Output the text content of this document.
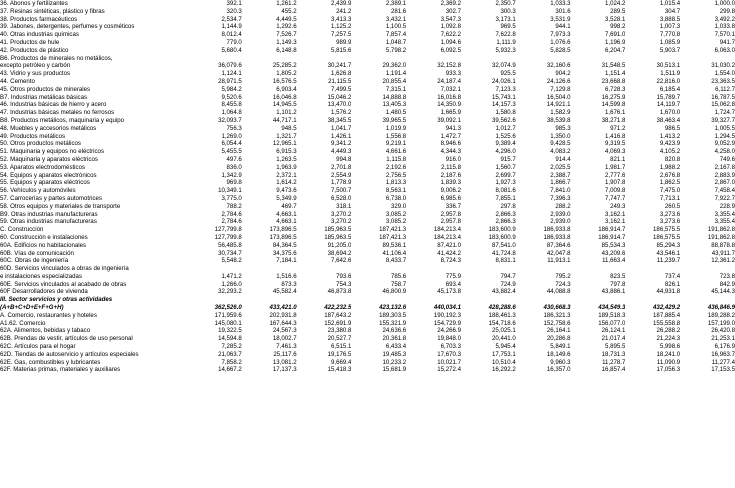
36. Abonos y fertilizantes	392.1	1,261.2	2,439.9	2,389.1	2,369.2	2,350.7	1,033.3	1,024.2	1,015.4	1,000.0
37. Resinas sintéticas, plástico y fibras	320.3	455.2	241.2	281.6	302.7	300.3	301.6	289.5	304.7	299.8
38. Productos farmacéuticos	2,534.7	4,449.5	3,413.3	3,432.1	3,547.3	3,173.1	3,531.9	3,528.1	3,888.5	3,492.2
39. Jabones, detergentes, perfumes y cosméticos	1,144.9	1,292.6	1,125.2	1,100.5	1,092.8	969.5	944.1	998.2	1,007.3	1,033.8
40. Otras industrias químicas	8,012.4	7,526.7	7,257.5	7,857.4	7,622.2	7,622.8	7,973.3	7,691.0	7,770.8	7,570.1
41. Productos de hule	779.0	1,149.3	989.9	1,048.7	1,094.6	1,111.9	1,076.6	1,196.9	1,085.9	941.7
42. Productos de plástico	5,680.4	6,148.8	5,815.6	5,798.2	6,092.5	5,932.3	5,828.5	6,204.7	5,903.7	6,063.0
B6. Productos de minerales no metálicos,										
excepto petróleo y carbón	36,079.6	25,285.2	30,241.7	29,362.0	32,152.8	32,074.9	32,160.6	31,548.5	30,513.1	31,030.2
43. Vidrio y sus productos	1,124.1	1,805.2	1,626.8	1,191.4	933.3	925.5	904.2	1,151.4	1,511.9	1,554.0
44. Cemento	28,971.5	16,576.5	21,115.5	20,855.4	24,187.4	24,026.1	24,126.6	23,668.8	22,816.0	23,363.5
45. Otros productos de minerales	5,984.2	6,903.4	7,499.5	7,315.1	7,032.1	7,123.3	7,129.8	6,728.3	6,185.4	6,112.7
B7. Industrias metálicas básicas	9,520.6	16,046.8	15,046.2	14,888.8	16,016.8	15,743.1	16,504.0	16,275.9	15,789.7	16,787.5
46. Industrias básicas de hierro y acero	8,455.8	14,945.5	13,470.0	13,405.3	14,350.9	14,157.3	14,921.1	14,599.8	14,119.7	15,062.8
47. Industrias básicas metales no ferrosos	1,064.8	1,101.2	1,576.2	1,480.5	1,665.9	1,580.8	1,582.9	1,676.1	1,670.0	1,724.7
B8. Productos metálicos, maquinaria y equipo	32,093.7	44,717.1	38,345.5	39,965.5	39,092.1	39,562.6	38,539.8	38,271.8	38,463.4	39,327.7
48. Muebles y accesorios metálicos	756.3	948.5	1,041.7	1,019.9	941.3	1,012.7	985.3	971.2	986.5	1,005.5
49. Productos metálicos	1,269.0	1,321.7	1,426.1	1,556.8	1,472.7	1,525.6	1,350.0	1,416.8	1,413.2	1,294.5
50. Otros productos metálicos	6,054.4	12,965.1	9,341.2	9,219.1	8,946.6	9,389.4	9,428.5	9,319.5	9,423.9	9,052.9
51. Maquinaria y equipos no eléctricos	5,455.5	6,915.3	4,449.3	4,661.6	4,344.3	4,296.0	4,083.2	4,069.3	4,105.2	4,258.0
52. Maquinaria y aparatos eléctricos	497.6	1,263.5	994.8	1,115.8	916.0	915.7	914.4	821.1	820.8	749.6
53. Aparatos electrodomésticos	836.0	1,963.9	2,701.8	2,192.6	2,115.8	1,560.7	2,025.5	1,981.7	1,988.2	2,167.8
54. Equipos y aparatos electrónicos	1,342.9	2,372.1	2,554.9	2,756.5	2,187.6	2,699.7	2,388.7	2,777.6	2,676.8	2,883.9
55. Equipos y aparatos eléctricos	969.8	1,614.2	1,778.9	1,813.3	1,839.3	1,927.3	1,866.7	1,907.8	1,862.5	2,867.0
56. Vehículos y automóviles	10,349.1	9,473.6	7,500.7	8,563.1	9,006.2	8,081.6	7,841.0	7,009.8	7,475.0	7,458.4
57. Carrocerías y partes automotrices	3,775.0	5,349.9	6,528.0	6,738.0	6,985.6	7,855.1	7,396.3	7,747.7	7,713.1	7,922.7
58. Otros equipos y materiales de transporte	788.2	469.7	318.1	329.0	336.7	297.8	288.2	249.3	260.5	228.9
B9. Otras industrias manufactureras	2,784.6	4,663.1	3,270.2	3,085.2	2,957.8	2,866.3	2,939.0	3,162.1	3,273.6	3,355.4
59. Otras industrias manufactureras	2,784.6	4,663.1	3,270.2	3,085.2	2,957.8	2,866.3	2,939.0	3,162.1	3,273.6	3,355.4
C. Construcción	127,799.8	173,896.5	185,963.5	187,421.3	184,213.4	183,600.9	186,933.8	186,914.7	186,575.5	191,862.8
60. Construcción e instalaciones	127,799.8	173,896.5	185,963.5	187,421.3	184,213.4	183,600.9	186,933.8	186,914.7	186,575.5	191,862.8
60A. Edificios no habitacionales	56,485.8	84,364.5	91,205.0	89,536.1	87,421.0	87,541.0	87,364.6	85,534.3	85,294.3	88,878.8
60B. Vías de comunicación	30,734.7	34,375.6	38,694.2	41,106.4	41,424.2	41,724.8	42,047.8	43,209.6	43,546.1	43,911.7
60C. Obras de ingeniería	5,548.2	7,184.1	7,642.6	8,433.7	8,724.3	8,831.1	11,913.1	11,663.4	11,239.7	12,361.2
60D. Servicios vinculados a obras de ingeniería										
e instalaciones especializadas	1,471.2	1,516.6	793.6	785.6	775.9	794.7	795.2	823.5	737.4	723.8
60E. Servicios vinculados al acabado de obras	1,266.0	873.3	754.3	758.7	693.4	724.9	724.3	797.8	826.1	842.9
60F Desarrolladores de vivienda	32,293.2	45,582.4	46,873.8	46,800.9	45,173.8	43,882.4	44,088.8	43,886.1	44,931.8	45,144.3
III. Sector servicios y otras actividades										
(A+B+C+D+E+F+G+H)	362,526.0	433,421.0	422,232.5	423,132.6	440,034.1	428,288.6	430,668.3	434,549.3	432,429.2	436,846.9
A. Comercio, restaurantes y hoteles	171,959.6	202,931.8	187,643.2	189,303.5	190,192.3	188,461.3	186,321.3	189,518.3	187,885.4	189,288.2
A1.62. Comercio	145,080.1	167,644.3	152,691.9	155,321.9	154,729.9	154,718.6	152,758.6	156,077.0	155,558.8	157,199.0
62A. Alimentos, bebidas y tabaco	19,322.5	24,567.3	23,380.8	24,636.6	24,266.9	25,025.1	26,164.1	26,124.1	26,288.2	26,420.8
62B. Prendas de vestir, artículos de uso personal	14,594.8	18,002.7	20,527.7	20,361.8	19,848.0	20,441.0	20,286.8	21,017.4	21,224.3	21,253.1
62C. Artículos para el hogar	7,285.2	7,461.3	6,515.1	6,433.4	6,703.3	5,945.4	5,849.1	5,895.5	5,998.6	6,176.9
62D. Tiendas de autoservicio y artículos especiales	21,063.7	25,117.6	19,176.5	19,485.3	17,670.3	17,753.1	18,149.6	18,731.3	18,241.0	16,963.7
62E. Gas, combustibles y lubricantes	7,858.2	13,081.2	9,669.4	10,233.2	10,021.7	10,510.4	9,960.3	11,278.7	11,090.9	11,277.4
62F. Materias primas, materiales y auxiliares	14,667.2	17,137.3	15,418.3	15,681.9	15,272.4	16,292.2	16,357.0	16,857.4	17,056.3	17,153.5
